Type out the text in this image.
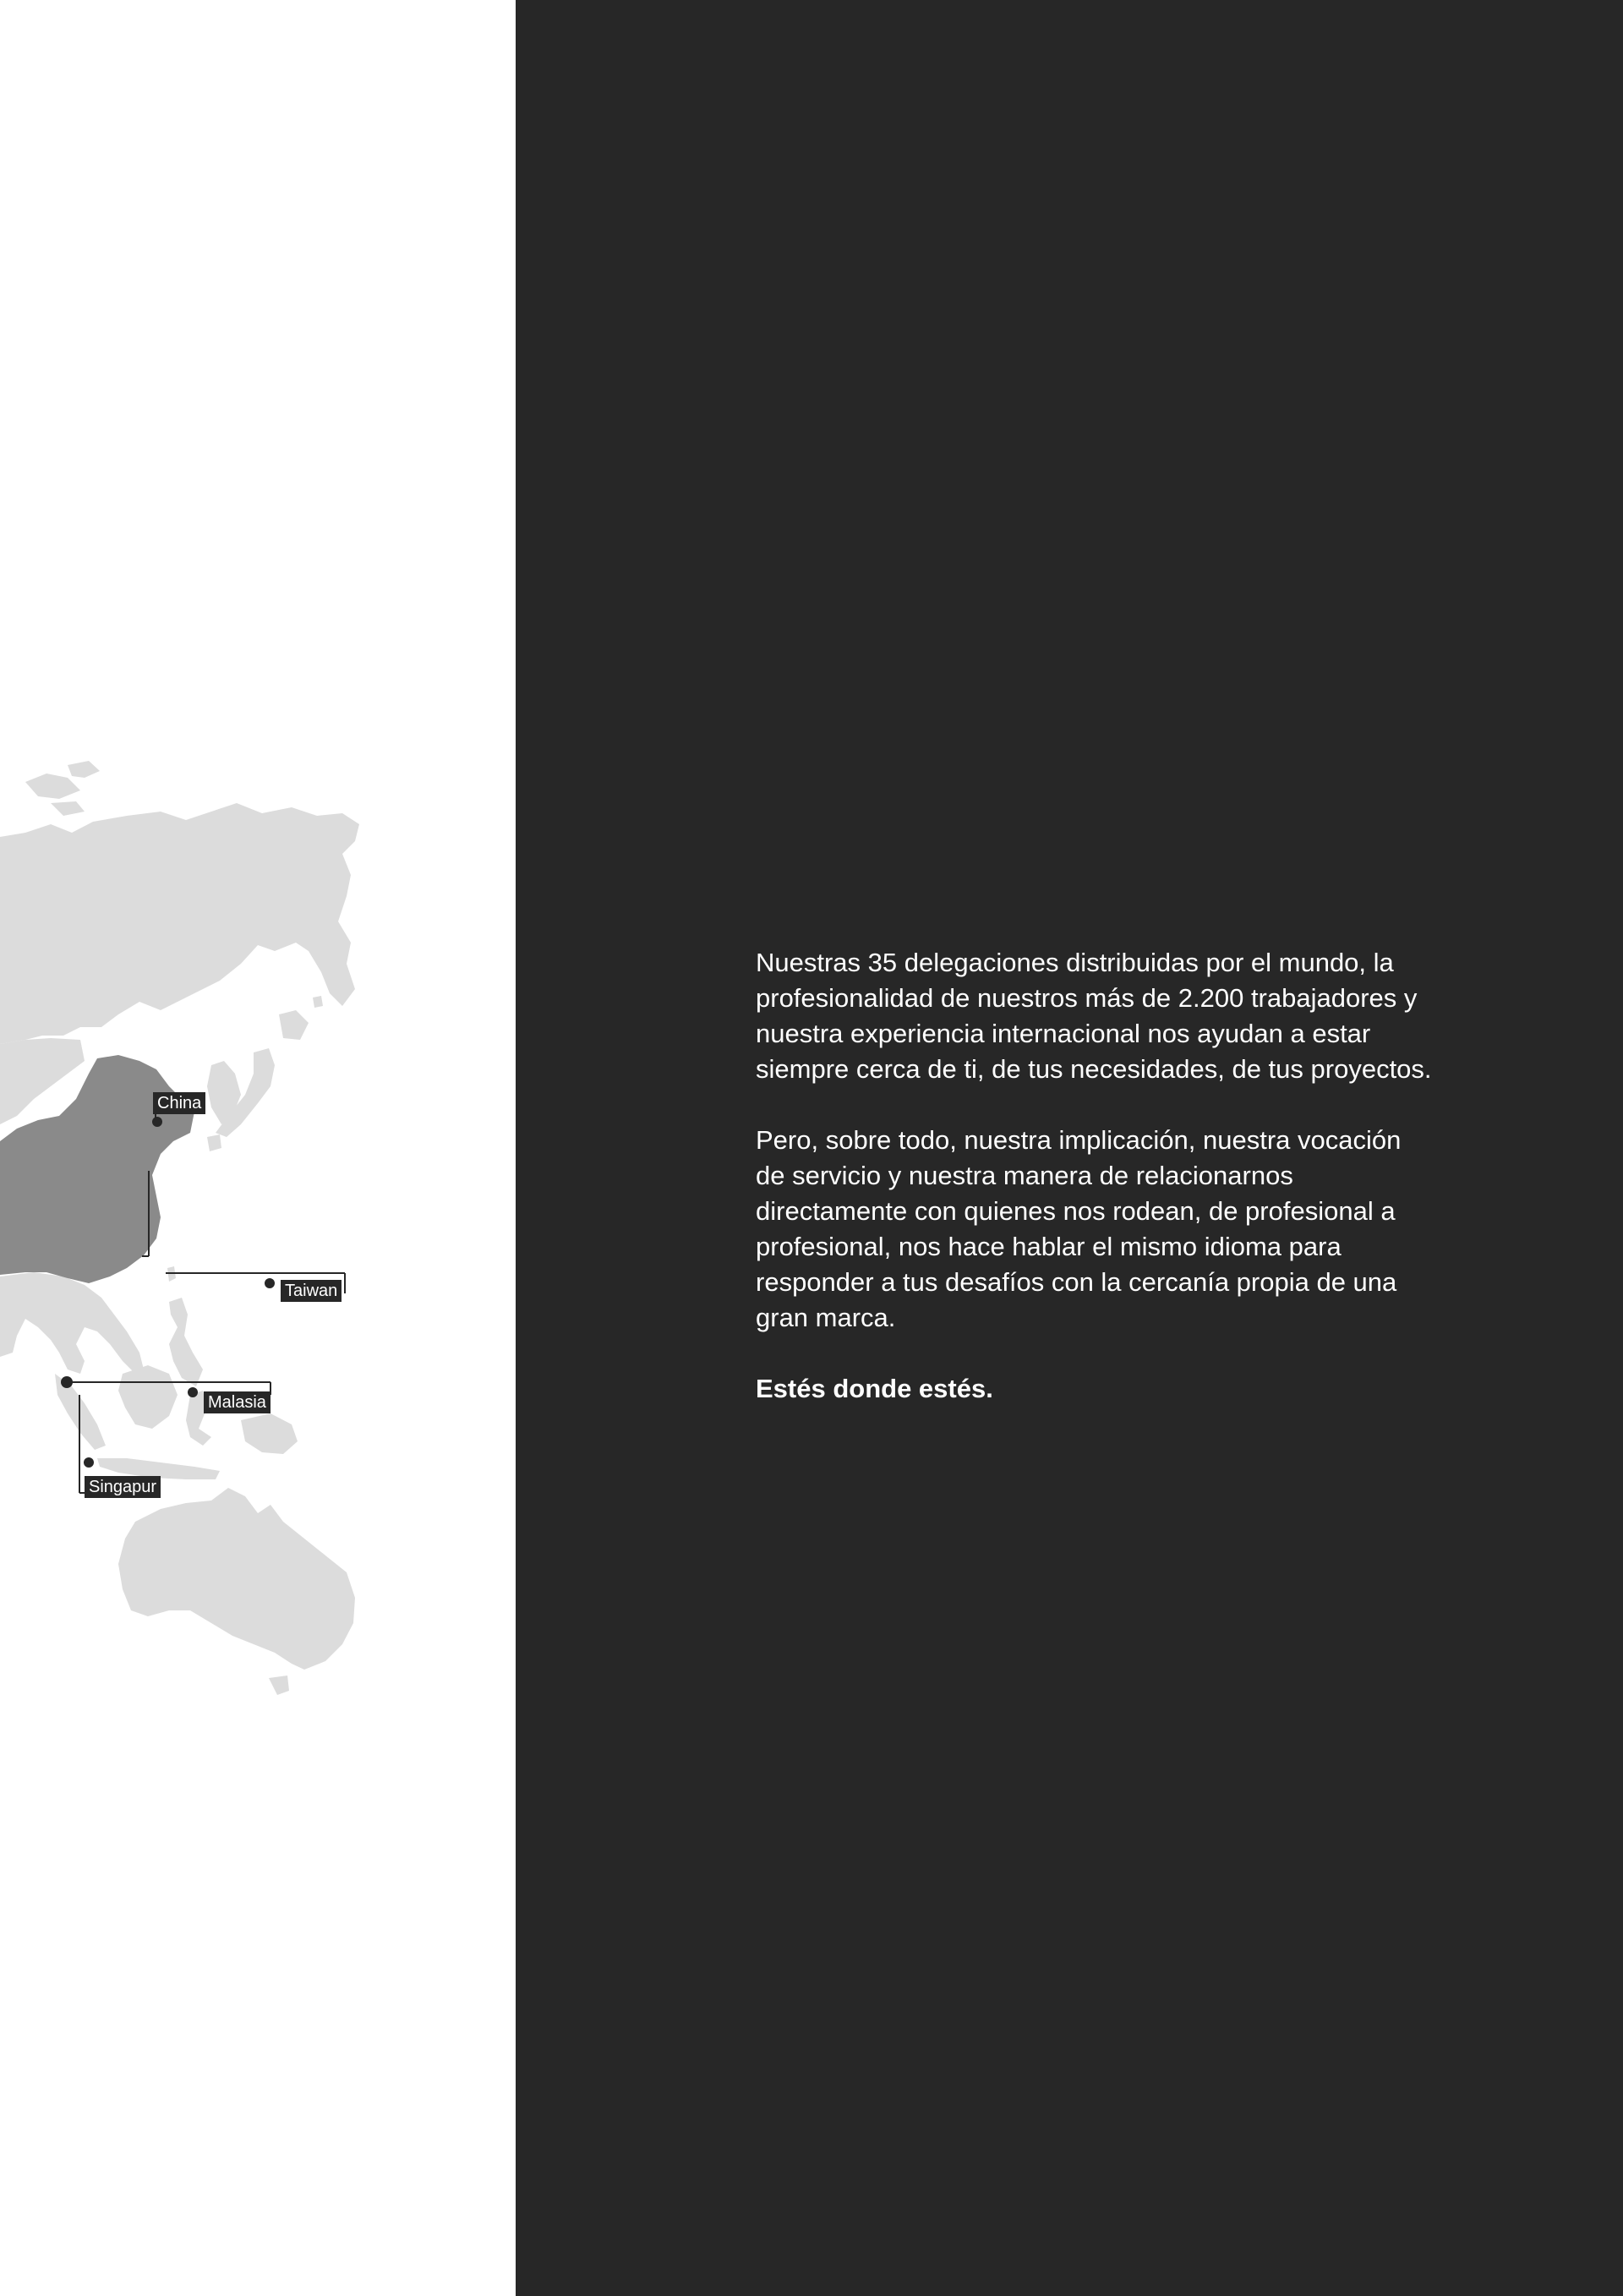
China
Taiwan
Malasia
Singapur

Nuestras 35 delegaciones distribuidas por el mundo, la profesionalidad de nuestros más de 2.200 trabajadores y nuestra experiencia internacional nos ayudan a estar siempre cerca de ti, de tus necesidades, de tus proyectos.

Pero, sobre todo, nuestra implicación, nuestra vocación de servicio y nuestra manera de relacionarnos directamente con quienes nos rodean, de profesional a profesional, nos hace hablar el mismo idioma para responder a tus desafíos con la cercanía propia de una gran marca.

Estés donde estés.
